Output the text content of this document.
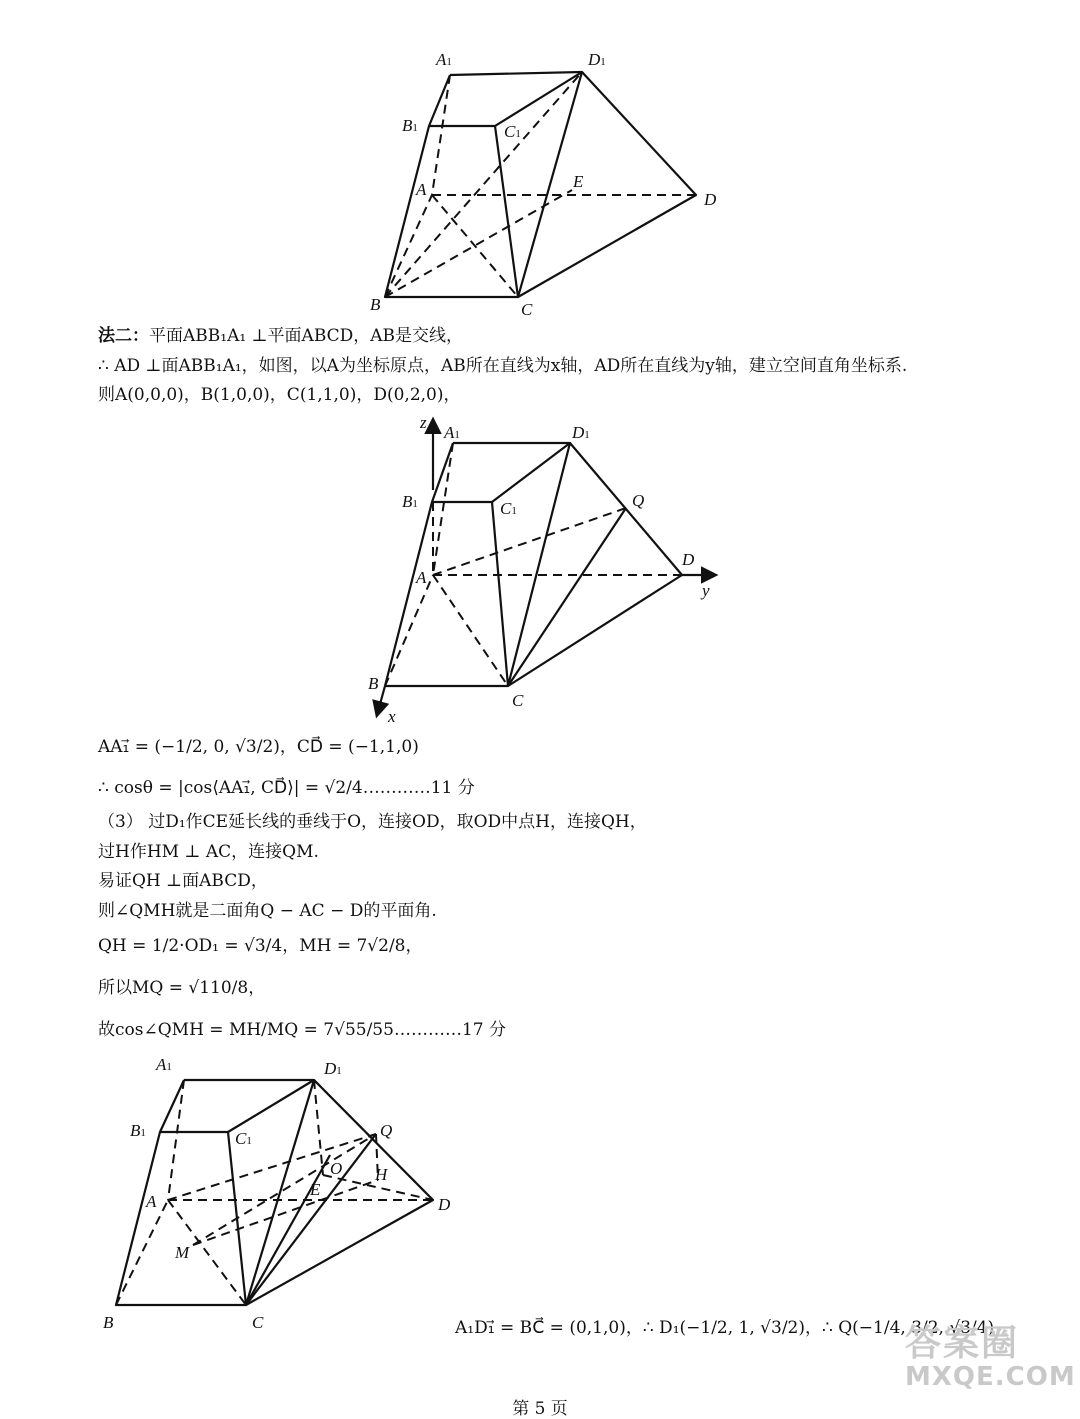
A1	D1
B1	C1
A	E
D
B	C
法二：平面ABB₁A₁ ⊥平面ABCD，AB是交线，
∴ AD ⊥面ABB₁A₁，如图，以A为坐标原点，AB所在直线为x轴，AD所在直线为y轴，建立空间直角坐标系.
则A(0,0,0)，B(1,0,0)，C(1,1,0)，D(0,2,0)，
z
A1	D1
B1	C1
Q
A
D
y
B
C
x
AA₁⃗ = (−1/2, 0, √3/2)，CD⃗ = (−1,1,0)
∴ cosθ = |cos⟨AA₁⃗, CD⃗⟩| = √2/4…………11 分
（3） 过D₁作CE延长线的垂线于O，连接OD，取OD中点H，连接QH，
过H作HM ⊥ AC，连接QM.
易证QH ⊥面ABCD，
则∠QMH就是二面角Q − AC − D的平面角.
QH = 1/2·OD₁ = √3/4，MH = 7√2/8，
所以MQ = √110/8，
故cos∠QMH = MH/MQ = 7√55/55…………17 分
A1	D1
B1	C1
Q
O H
E
A	D
M
B	C	A₁D₁⃗ = BC⃗ = (0,1,0)，∴ D₁(−1/2, 1, √3/2)，∴ Q(−1/4, 3/2, √3/4)
答案圈
MXQE.COM
第 5 页
